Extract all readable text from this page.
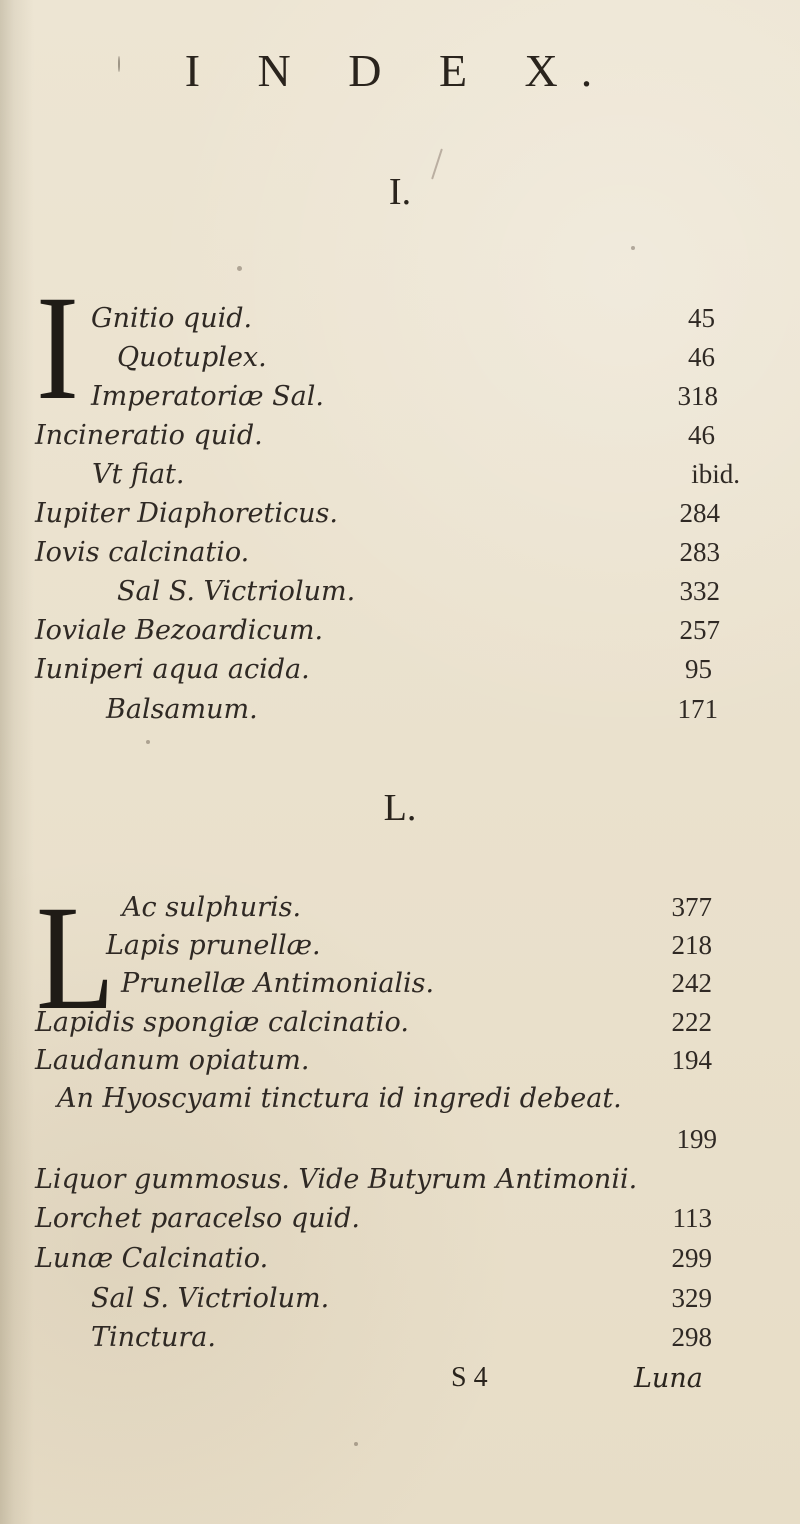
I N D E X.
I.
I Gnitio quid.	45
Quotuplex.	46
Imperatoriæ Sal.	318
Incineratio quid.	46
Vt fiat.	ibid.
Iupiter Diaphoreticus.	284
Iovis calcinatio.	283
Sal S. Victriolum.	332
Ioviale Bezoardicum.	257
Iuniperi aqua acida.	95
Balsamum.	171
L.
L Ac sulphuris.	377
Lapis prunellæ.	218
Prunellæ Antimonialis.	242
Lapidis spongiæ calcinatio.	222
Laudanum opiatum.	194
An Hyoscyami tinctura id ingredi debeat.
199
Liquor gummosus. Vide Butyrum Antimonii.
Lorchet paracelso quid.	113
Lunæ Calcinatio.	299
Sal S. Victriolum.	329
Tinctura.	298
S 4	Luna
